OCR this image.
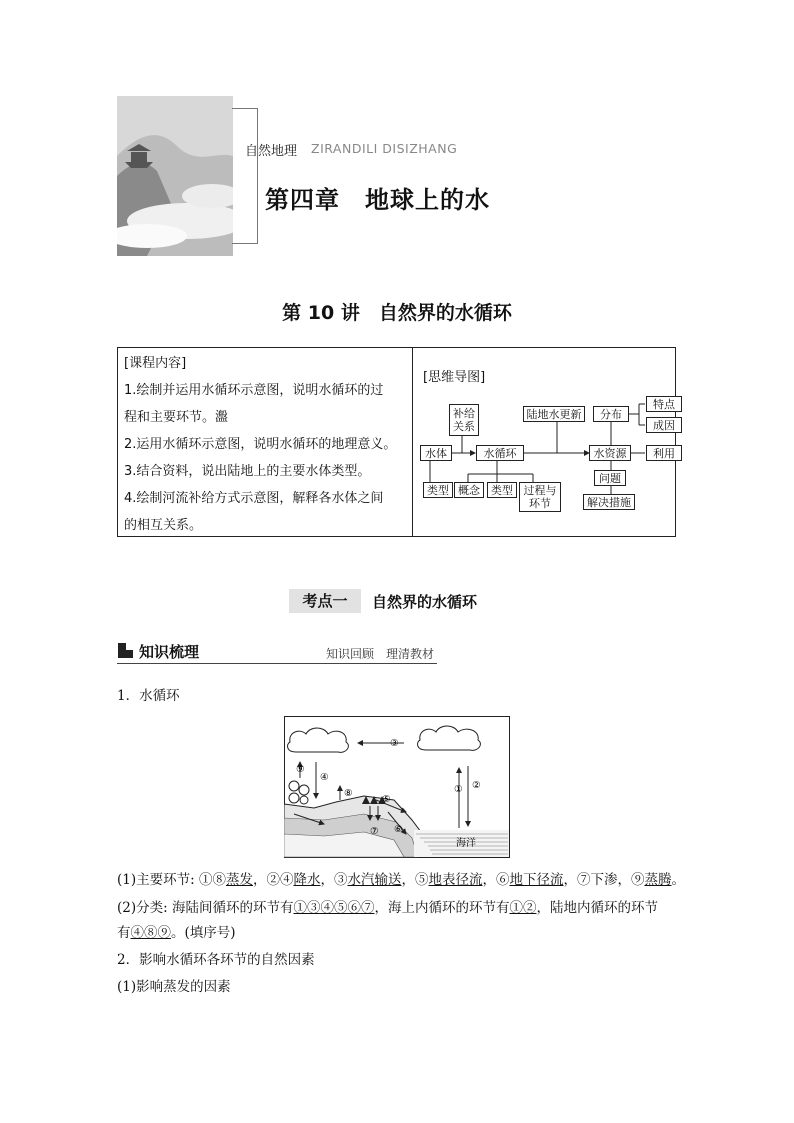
自然地理 ZIRANDILI DISIZHANG
第四章　地球上的水
第 10 讲　自然界的水循环
[课程内容]
1.绘制并运用水循环示意图，说明水循环的过
程和主要环节。瀊
2.运用水循环示意图，说明水循环的地理意义。
3.结合资料，说出陆地上的主要水体类型。
4.绘制河流补给方式示意图，解释各水体之间
的相互关系。
[思维导图]
补给
关系
陆地水更新	分布
特点
成因
水体	水循环	水资源	利用
类型 概念	类型 过程与
环节
问题
解决措施
考点一	自然界的水循环
知识梳理	知识回顾　理清教材
1．水循环
海洋
① ②
③
④
⑤
⑥
⑦
⑧
⑨
(1)主要环节: ①⑧蒸发，②④降水，③水汽输送，⑤地表径流，⑥地下径流，⑦下渗，⑨蒸腾。
(2)分类: 海陆间循环的环节有①③④⑤⑥⑦，海上内循环的环节有①②，陆地内循环的环节
有④⑧⑨。(填序号)
2．影响水循环各环节的自然因素
(1)影响蒸发的因素
